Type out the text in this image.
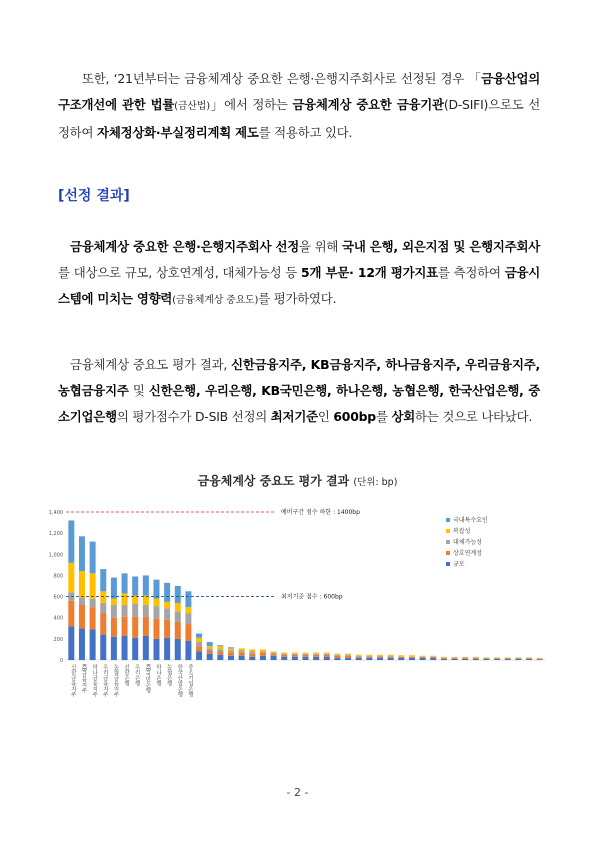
또한, ‘21년부터는 금융체계상 중요한 은행·은행지주회사로 선정된 경우 「금융산업의 구조개선에 관한 법률(금산법)」에서 정하는 금융체계상 중요한 금융기관(D-SIFI)으로도 선정하여 자체정상화·부실정리계획 제도를 적용하고 있다.
[선정 결과]
금융체계상 중요한 은행·은행지주회사 선정을 위해 국내 은행, 외은지점 및 은행지주회사를 대상으로 규모, 상호연계성, 대체가능성 등 5개 부문· 12개 평가지표를 측정하여 금융시스템에 미치는 영향력(금융체계상 중요도)를 평가하였다.
금융체계상 중요도 평가 결과, 신한금융지주, KB금융지주, 하나금융지주, 우리금융지주, 농협금융지주 및 신한은행, 우리은행, KB국민은행, 하나은행, 농협은행, 한국산업은행, 중소기업은행의 평가점수가 D-SIB 선정의 최저기준인 600bp를 상회하는 것으로 나타났다.
금융체계상 중요도 평가 결과 (단위: bp)
0
200
400
600
800
1,000
1,200
1,400
신한금융지주 KB금융지주 하나금융지주 우리금융지주 농협금융지주 신한은행 우리은행 KB국민은행 하나은행 농협은행 한국산업은행 중소기업은행
예비구간 점수 하한 : 1400bp
최저기준 점수 : 600bp
국내특수요인
복잡성
대체가능성
상호연계성
규모
- 2 -
